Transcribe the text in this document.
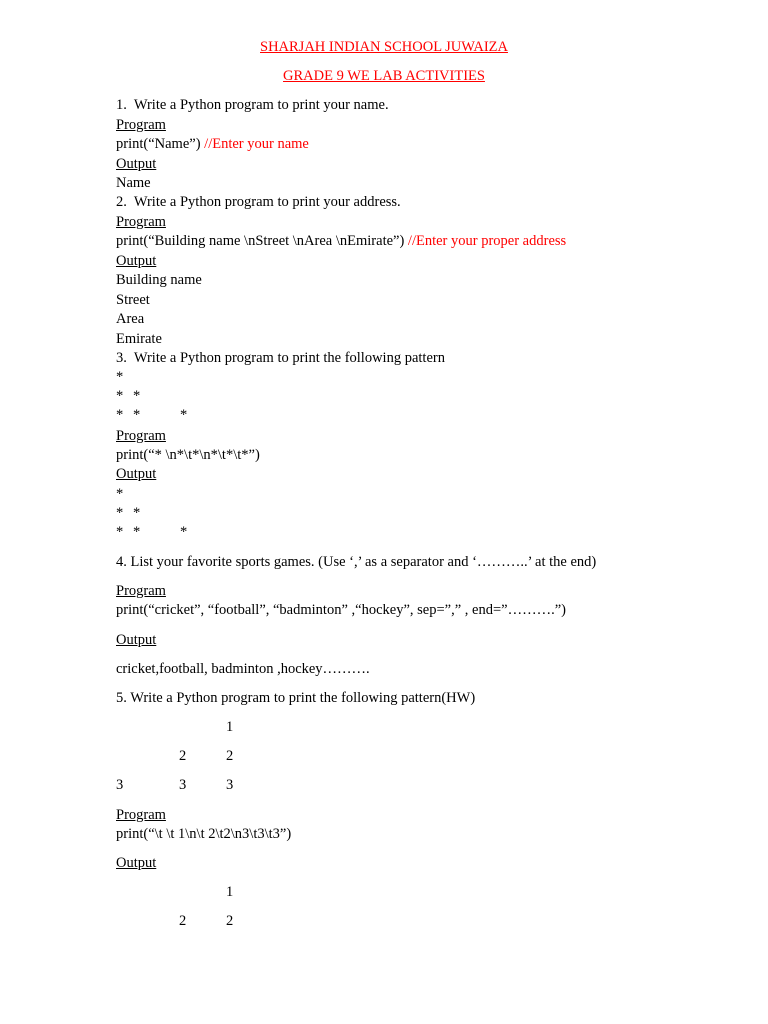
SHARJAH INDIAN SCHOOL JUWAIZA
GRADE 9 WE LAB ACTIVITIES
1.  Write a Python program to print your name.
Program
print(“Name”) //Enter your name
Output
Name
2.  Write a Python program to print your address.
Program
print(“Building name \nStreet \nArea \nEmirate”) //Enter your proper address
Output
Building name
Street
Area
Emirate
3.  Write a Python program to print the following pattern
*
* *
* *	*
Program
print(“* \n*\t*\n*\t*\t*”)
Output
*
* *
* *	*
4. List your favorite sports games. (Use ‘,’ as a separator and ‘………..’ at the end)
Program
print(“cricket”, “football”, “badminton” ,“hockey”, sep=”,” , end=”……….”)
Output
cricket,football, badminton ,hockey……….
5. Write a Python program to print the following pattern(HW)
1
2	2
3	3	3
Program
print(“\t \t 1\n\t 2\t2\n3\t3\t3”)
Output
1
2	2
